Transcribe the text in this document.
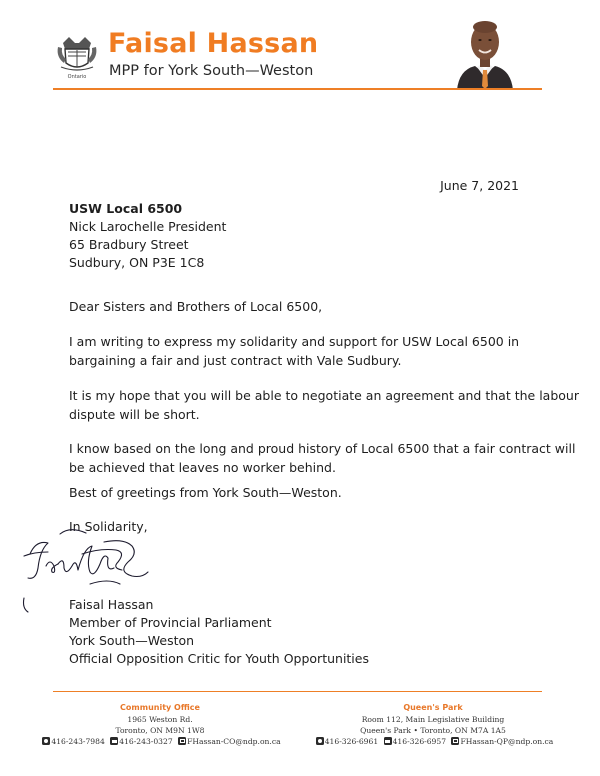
Ontario
Faisal Hassan
MPP for York South—Weston
June 7, 2021
USW Local 6500
Nick Larochelle President
65 Bradbury Street
Sudbury, ON P3E 1C8
Dear Sisters and Brothers of Local 6500,
I am writing to express my solidarity and support for USW Local 6500 in
bargaining a fair and just contract with Vale Sudbury.
It is my hope that you will be able to negotiate an agreement and that the labour
dispute will be short.
I know based on the long and proud history of Local 6500 that a fair contract will
be achieved that leaves no worker behind.
Best of greetings from York South—Weston.
In Solidarity,
Faisal Hassan
Member of Provincial Parliament
York South—Weston
Official Opposition Critic for Youth Opportunities
Community Office
1965 Weston Rd.
Toronto, ON M9N 1W8
416-243-7984 416-243-0327 FHassan-CO@ndp.on.ca
Queen's Park
Room 112, Main Legislative Building
Queen's Park • Toronto, ON M7A 1A5
416-326-6961 416-326-6957 FHassan-QP@ndp.on.ca
